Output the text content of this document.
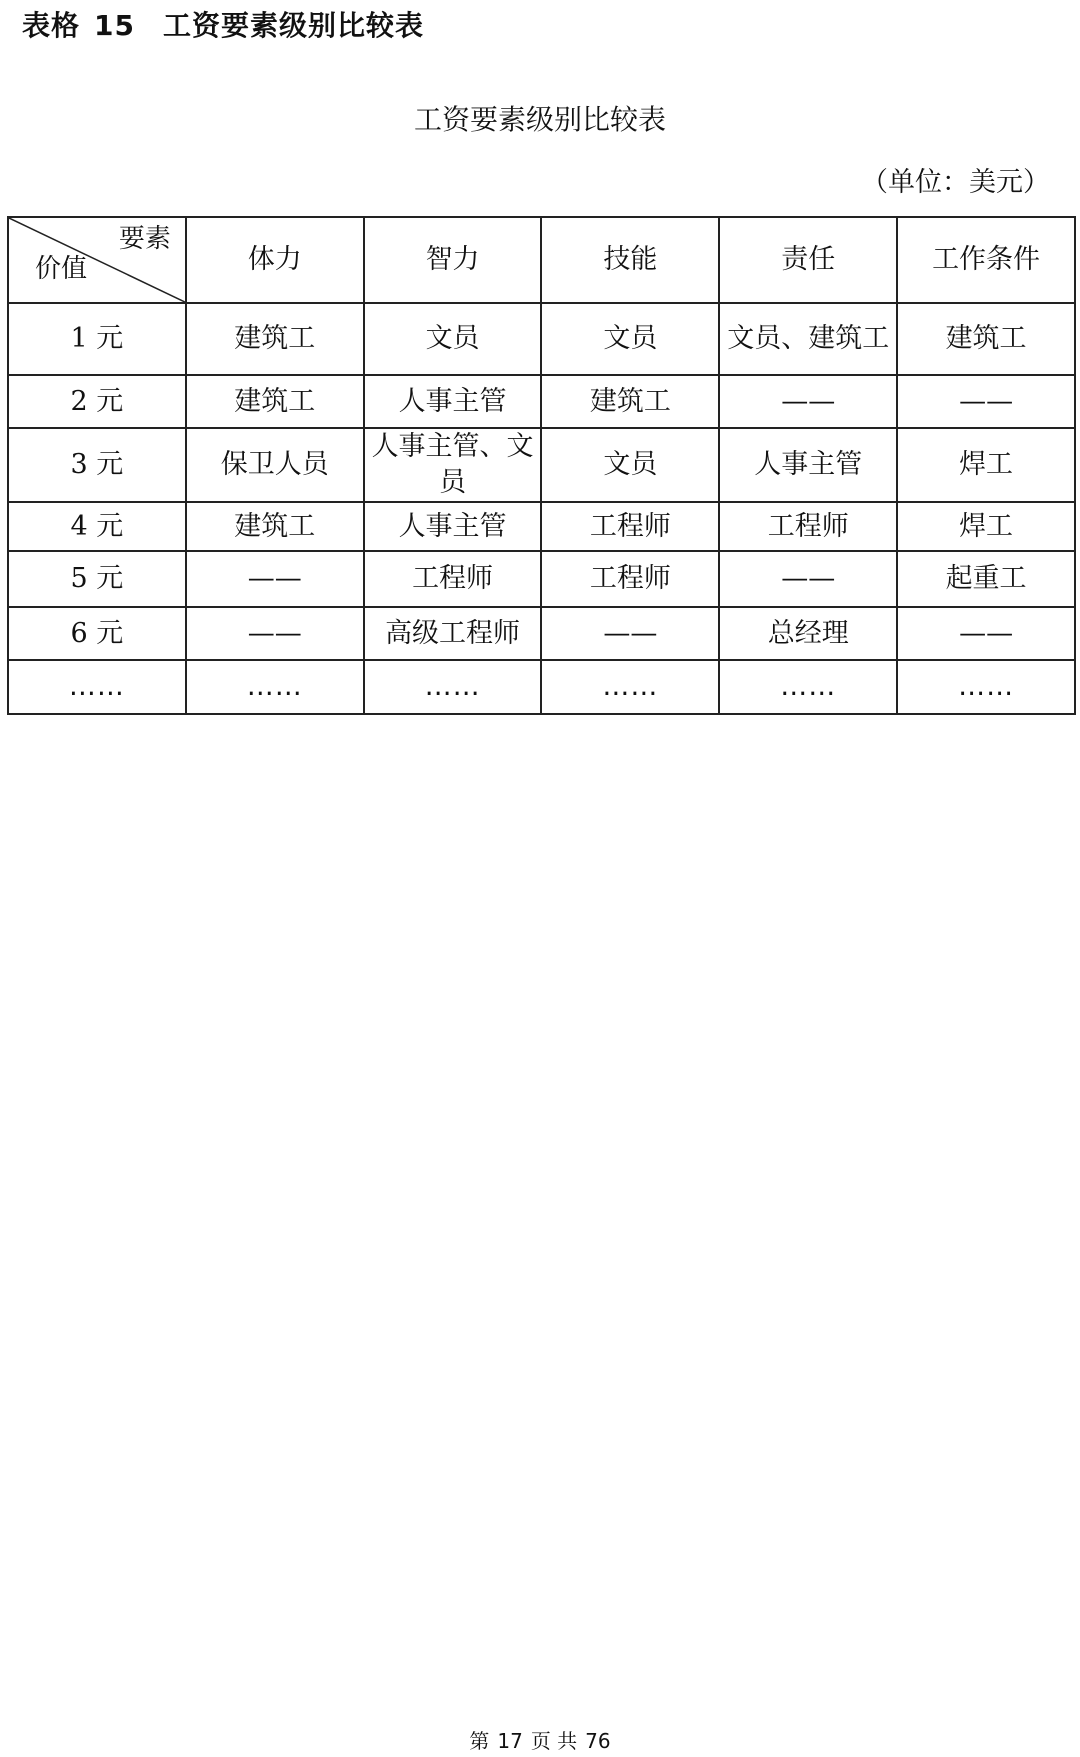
表格 15 工资要素级别比较表
工资要素级别比较表
（单位：美元）
要素
价值	体力	智力	技能	责任	工作条件
1 元	建筑工	文员	文员	文员、建筑工	建筑工
2 元	建筑工	人事主管	建筑工	——	——
3 元	保卫人员	人事主管、文员	文员	人事主管	焊工
4 元	建筑工	人事主管	工程师	工程师	焊工
5 元	——	工程师	工程师	——	起重工
6 元	——	高级工程师	——	总经理	——
……	……	……	……	……	……
第 17 页 共 76
